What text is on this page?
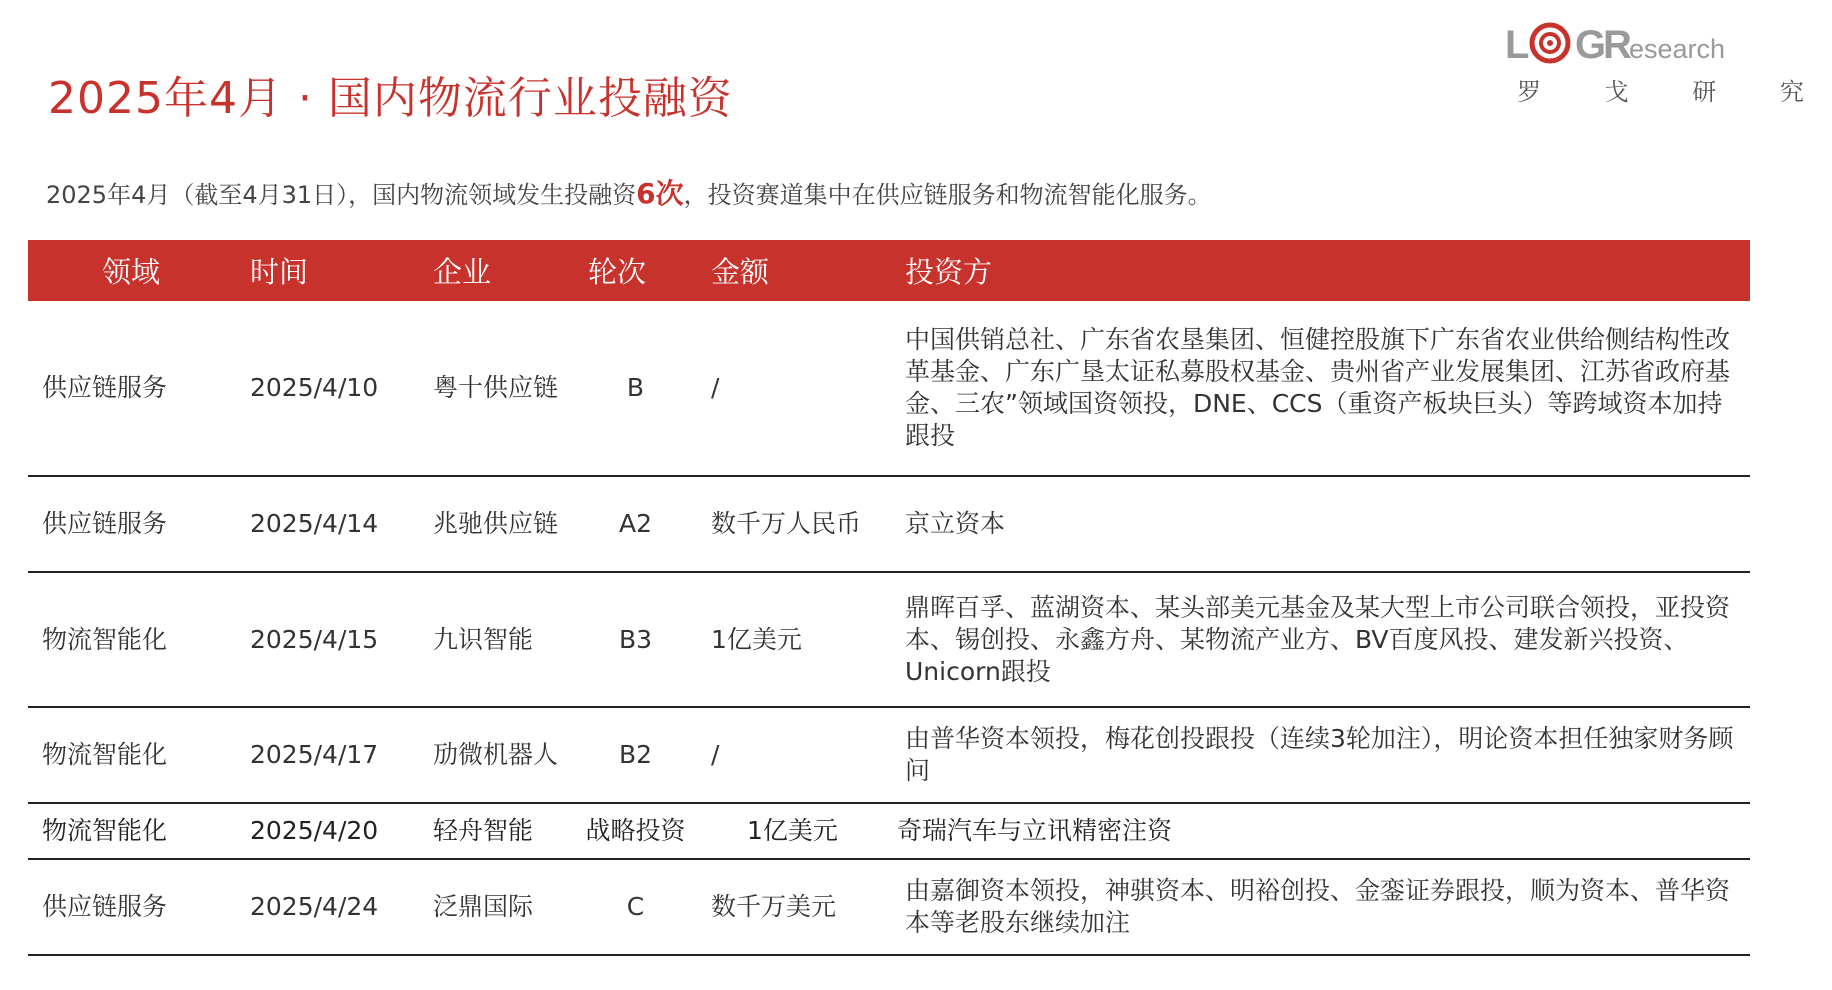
2025年4月 · 国内物流行业投融资
L G
R
esearch
罗 戈 研 究
2025年4月（截至4月31日），国内物流领域发生投融资6次，投资赛道集中在供应链服务和物流智能化服务。
领域	时间	企业	轮次	金额	投资方
供应链服务	2025/4/10	粤十供应链	B	/	中国供销总社、广东省农垦集团、恒健控股旗下广东省农业供给侧结构性改革基金、广东广垦太证私募股权基金、贵州省产业发展集团、江苏省政府基金、三农”领域国资领投，DNE、CCS（重资产板块巨头）等跨域资本加持跟投
供应链服务	2025/4/14	兆驰供应链	A2	数千万人民币	京立资本
物流智能化	2025/4/15	九识智能	B3	1亿美元	鼎晖百孚、蓝湖资本、某头部美元基金及某大型上市公司联合领投，亚投资本、锡创投、永鑫方舟、某物流产业方、BV百度风投、建发新兴投资、Unicorn跟投
物流智能化	2025/4/17	劢微机器人	B2	/	由普华资本领投，梅花创投跟投（连续3轮加注），明论资本担任独家财务顾问
物流智能化	2025/4/20	轻舟智能	战略投资	1亿美元	奇瑞汽车与立讯精密注资
供应链服务	2025/4/24	泛鼎国际	C	数千万美元	由嘉御资本领投，神骐资本、明裕创投、金銮证券跟投，顺为资本、普华资本等老股东继续加注
